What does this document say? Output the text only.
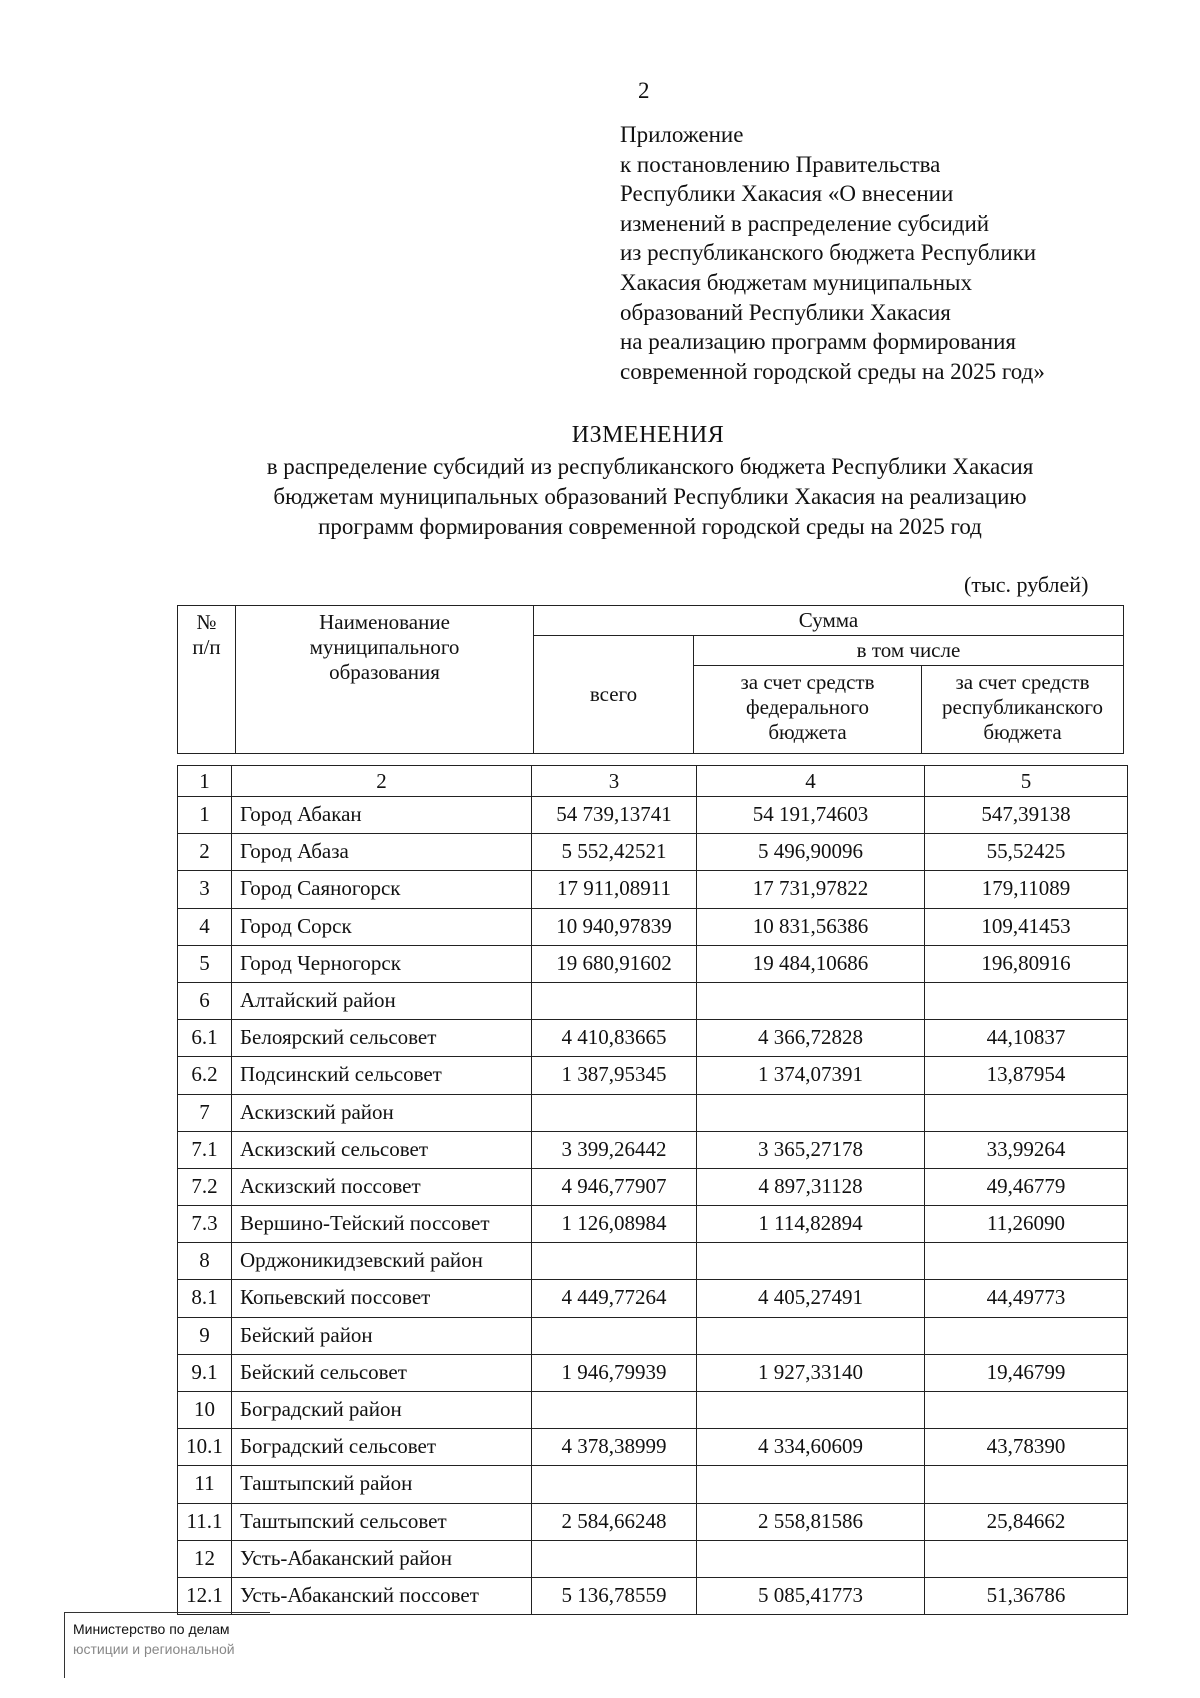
2
Приложение
к постановлению Правительства
Республики Хакасия «О внесении
изменений в распределение субсидий
из республиканского бюджета Республики
Хакасия бюджетам муниципальных
образований Республики Хакасия
на реализацию программ формирования
современной городской среды на 2025 год»
ИЗМЕНЕНИЯ
в распределение субсидий из республиканского бюджета Республики Хакасия
бюджетам муниципальных образований Республики Хакасия на реализацию
программ формирования современной городской среды на 2025 год
(тыс. рублей)
№ п/п	Наименование муниципального образования	Сумма		
		всего	в том числе	
			за счет средств федерального бюджета	за счет средств республиканского бюджета
1	2	3	4	5
1	Город Абакан	54 739,13741	54 191,74603	547,39138
2	Город Абаза	5 552,42521	5 496,90096	55,52425
3	Город Саяногорск	17 911,08911	17 731,97822	179,11089
4	Город Сорск	10 940,97839	10 831,56386	109,41453
5	Город Черногорск	19 680,91602	19 484,10686	196,80916
6	Алтайский район			
6.1	Белоярский сельсовет	4 410,83665	4 366,72828	44,10837
6.2	Подсинский сельсовет	1 387,95345	1 374,07391	13,87954
7	Аскизский район			
7.1	Аскизский сельсовет	3 399,26442	3 365,27178	33,99264
7.2	Аскизский поссовет	4 946,77907	4 897,31128	49,46779
7.3	Вершино-Тейский поссовет	1 126,08984	1 114,82894	11,26090
8	Орджоникидзевский район			
8.1	Копьевский поссовет	4 449,77264	4 405,27491	44,49773
9	Бейский район			
9.1	Бейский сельсовет	1 946,79939	1 927,33140	19,46799
10	Боградский район			
10.1	Боградский сельсовет	4 378,38999	4 334,60609	43,78390
11	Таштыпский район			
11.1	Таштыпский сельсовет	2 584,66248	2 558,81586	25,84662
12	Усть-Абаканский район			
12.1	Усть-Абаканский поссовет	5 136,78559	5 085,41773	51,36786
Министерство по делам
юстиции и региональной
